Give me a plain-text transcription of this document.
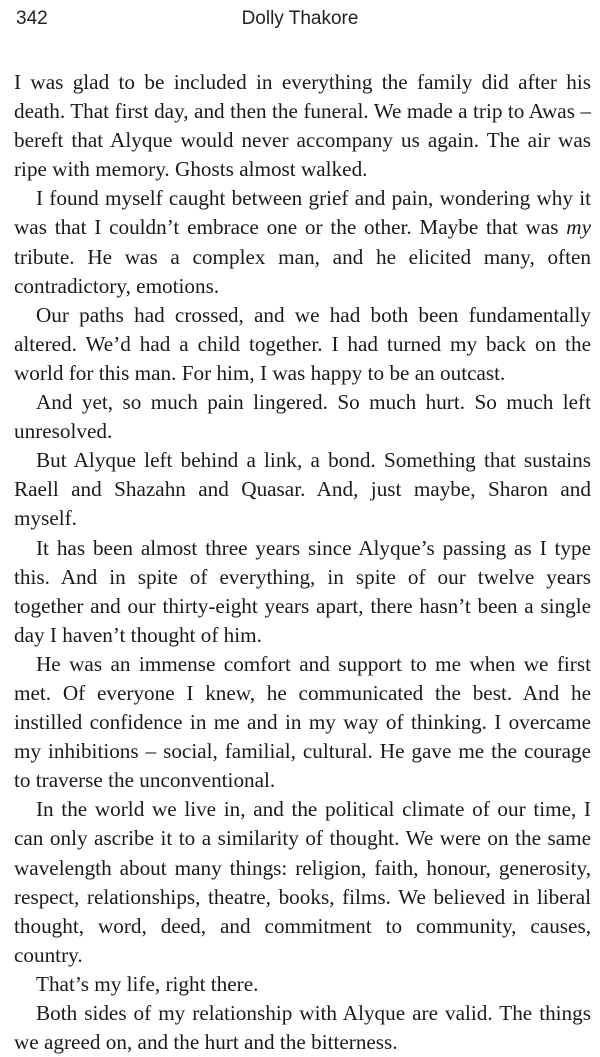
342	Dolly Thakore

I was glad to be included in everything the family did after his death. That first day, and then the funeral. We made a trip to Awas – bereft that Alyque would never accompany us again. The air was ripe with memory. Ghosts almost walked.

I found myself caught between grief and pain, wondering why it was that I couldn’t embrace one or the other. Maybe that was my tribute. He was a complex man, and he elicited many, often contradictory, emotions.

Our paths had crossed, and we had both been fundamentally altered. We’d had a child together. I had turned my back on the world for this man. For him, I was happy to be an outcast.

And yet, so much pain lingered. So much hurt. So much left unresolved.

But Alyque left behind a link, a bond. Something that sustains Raell and Shazahn and Quasar. And, just maybe, Sharon and myself.

It has been almost three years since Alyque’s passing as I type this. And in spite of everything, in spite of our twelve years together and our thirty-eight years apart, there hasn’t been a single day I haven’t thought of him.

He was an immense comfort and support to me when we first met. Of everyone I knew, he communicated the best. And he instilled confidence in me and in my way of thinking. I overcame my inhibitions – social, familial, cultural. He gave me the courage to traverse the unconventional.

In the world we live in, and the political climate of our time, I can only ascribe it to a similarity of thought. We were on the same wavelength about many things: religion, faith, honour, generosity, respect, relationships, theatre, books, films. We believed in liberal thought, word, deed, and commitment to community, causes, country.

That’s my life, right there.

Both sides of my relationship with Alyque are valid. The things we agreed on, and the hurt and the bitterness.
